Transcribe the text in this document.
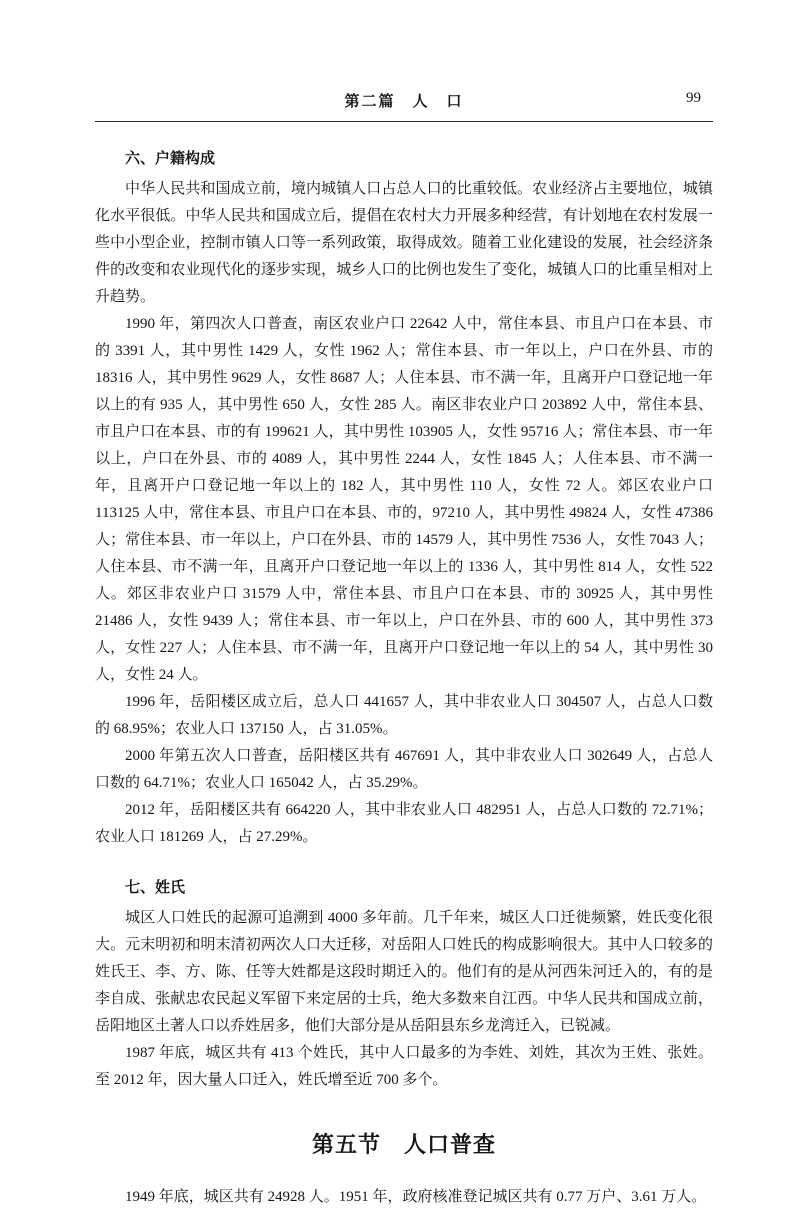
第二篇　人　口	99
六、户籍构成

中华人民共和国成立前，境内城镇人口占总人口的比重较低。农业经济占主要地位，城镇化水平很低。中华人民共和国成立后，提倡在农村大力开展多种经营，有计划地在农村发展一些中小型企业，控制市镇人口等一系列政策，取得成效。随着工业化建设的发展，社会经济条件的改变和农业现代化的逐步实现，城乡人口的比例也发生了变化，城镇人口的比重呈相对上升趋势。

1990 年，第四次人口普查，南区农业户口 22642 人中，常住本县、市且户口在本县、市的 3391 人，其中男性 1429 人，女性 1962 人；常住本县、市一年以上，户口在外县、市的 18316 人，其中男性 9629 人，女性 8687 人；人住本县、市不满一年，且离开户口登记地一年以上的有 935 人，其中男性 650 人，女性 285 人。南区非农业户口 203892 人中，常住本县、市且户口在本县、市的有 199621 人，其中男性 103905 人，女性 95716 人；常住本县、市一年以上，户口在外县、市的 4089 人，其中男性 2244 人，女性 1845 人；人住本县、市不满一年，且离开户口登记地一年以上的 182 人，其中男性 110 人，女性 72 人。郊区农业户口 113125 人中，常住本县、市且户口在本县、市的，97210 人，其中男性 49824 人，女性 47386 人；常住本县、市一年以上，户口在外县、市的 14579 人，其中男性 7536 人，女性 7043 人；人住本县、市不满一年，且离开户口登记地一年以上的 1336 人，其中男性 814 人，女性 522 人。郊区非农业户口 31579 人中，常住本县、市且户口在本县、市的 30925 人，其中男性 21486 人，女性 9439 人；常住本县、市一年以上，户口在外县、市的 600 人，其中男性 373 人，女性 227 人；人住本县、市不满一年，且离开户口登记地一年以上的 54 人，其中男性 30 人，女性 24 人。

1996 年，岳阳楼区成立后，总人口 441657 人，其中非农业人口 304507 人，占总人口数的 68.95%；农业人口 137150 人，占 31.05%。

2000 年第五次人口普查，岳阳楼区共有 467691 人，其中非农业人口 302649 人，占总人口数的 64.71%；农业人口 165042 人，占 35.29%。

2012 年，岳阳楼区共有 664220 人，其中非农业人口 482951 人，占总人口数的 72.71%；农业人口 181269 人，占 27.29%。

七、姓氏

城区人口姓氏的起源可追溯到 4000 多年前。几千年来，城区人口迁徙频繁，姓氏变化很大。元末明初和明末清初两次人口大迁移，对岳阳人口姓氏的构成影响很大。其中人口较多的姓氏王、李、方、陈、任等大姓都是这段时期迁入的。他们有的是从河西朱河迁入的，有的是李自成、张献忠农民起义军留下来定居的士兵，绝大多数来自江西。中华人民共和国成立前，岳阳地区土著人口以乔姓居多，他们大部分是从岳阳县东乡龙湾迁入，已锐减。

1987 年底，城区共有 413 个姓氏，其中人口最多的为李姓、刘姓，其次为王姓、张姓。至 2012 年，因大量人口迁入，姓氏增至近 700 多个。

第五节　人口普查

1949 年底，城区共有 24928 人。1951 年，政府核准登记城区共有 0.77 万户、3.61 万人。
